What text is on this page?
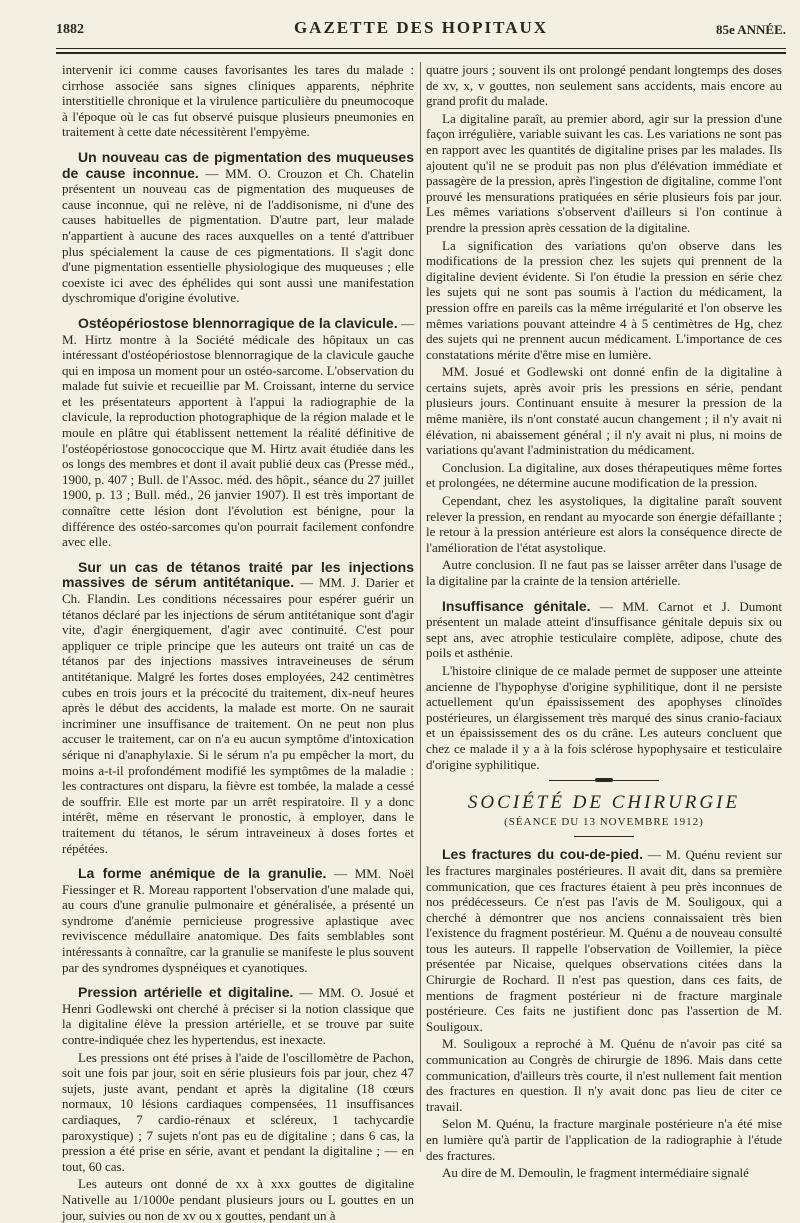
1882	GAZETTE DES HOPITAUX	85e ANNÉE.

intervenir ici comme causes favorisantes les tares du malade : cirrhose associée sans signes cliniques apparents, néphrite interstitielle chronique et la virulence particulière du pneumocoque à l'époque où le cas fut observé puisque plusieurs pneumonies en traitement à cette date nécessitèrent l'empyème.

Un nouveau cas de pigmentation des muqueuses de cause inconnue. — MM. O. Crouzon et Ch. Chatelin présentent un nouveau cas de pigmentation des muqueuses de cause inconnue, qui ne relève, ni de l'addisonisme, ni d'une des causes habituelles de pigmentation. D'autre part, leur malade n'appartient à aucune des races auxquelles on a tenté d'attribuer plus spécialement la cause de ces pigmentations. Il s'agit donc d'une pigmentation essentielle physiologique des muqueuses ; elle coexiste ici avec des éphélides qui sont aussi une manifestation dyschromique d'origine évolutive.

Ostéopériostose blennorragique de la clavicule. — M. Hirtz montre à la Société médicale des hôpitaux un cas intéressant d'ostéopériostose blennorragique de la clavicule gauche qui en imposa un moment pour un ostéo-sarcome. L'observation du malade fut suivie et recueillie par M. Croissant, interne du service et les présentateurs apportent à l'appui la radiographie de la clavicule, la reproduction photographique de la région malade et le moule en plâtre qui établissent nettement la réalité définitive de l'ostéopériostose gonococcique que M. Hirtz avait étudiée dans les os longs des membres et dont il avait publié deux cas (Presse méd., 1900, p. 407 ; Bull. de l'Assoc. méd. des hôpit., séance du 27 juillet 1900, p. 13 ; Bull. méd., 26 janvier 1907). Il est très important de connaître cette lésion dont l'évolution est bénigne, pour la différence des ostéo-sarcomes qu'on pourrait facilement confondre avec elle.

Sur un cas de tétanos traité par les injections massives de sérum antitétanique. — MM. J. Darier et Ch. Flandin. Les conditions nécessaires pour espérer guérir un tétanos déclaré par les injections de sérum antitétanique sont d'agir vite, d'agir énergiquement, d'agir avec continuité. C'est pour appliquer ce triple principe que les auteurs ont traité un cas de tétanos par des injections massives intraveineuses de sérum antitétanique. Malgré les fortes doses employées, 242 centimètres cubes en trois jours et la précocité du traitement, dix-neuf heures après le début des accidents, la malade est morte. On ne saurait incriminer une insuffisance de traitement. On ne peut non plus accuser le traitement, car on n'a eu aucun symptôme d'intoxication sérique ni d'anaphylaxie. Si le sérum n'a pu empêcher la mort, du moins a-t-il profondément modifié les symptômes de la maladie : les contractures ont disparu, la fièvre est tombée, la malade a cessé de souffrir. Elle est morte par un arrêt respiratoire. Il y a donc intérêt, même en réservant le pronostic, à employer, dans le traitement du tétanos, le sérum intraveineux à doses fortes et répétées.

La forme anémique de la granulie. — MM. Noël Fiessinger et R. Moreau rapportent l'observation d'une malade qui, au cours d'une granulie pulmonaire et généralisée, a présenté un syndrome d'anémie pernicieuse progressive aplastique avec reviviscence médullaire anatomique. Des faits semblables sont intéressants à connaître, car la granulie se manifeste le plus souvent par des syndromes dyspnéiques et cyanotiques.

Pression artérielle et digitaline. — MM. O. Josué et Henri Godlewski ont cherché à préciser si la notion classique que la digitaline élève la pression artérielle, et se trouve par suite contre-indiquée chez les hypertendus, est inexacte.

Les pressions ont été prises à l'aide de l'oscillomètre de Pachon, soit une fois par jour, soit en série plusieurs fois par jour, chez 47 sujets, juste avant, pendant et après la digitaline (18 cœurs normaux, 10 lésions cardiaques compensées, 11 insuffisances cardiaques, 7 cardio-rénaux et scléreux, 1 tachycardie paroxystique) ; 7 sujets n'ont pas eu de digitaline ; dans 6 cas, la pression a été prise en série, avant et pendant la digitaline ; — en tout, 60 cas.

Les auteurs ont donné de xx à xxx gouttes de digitaline Nativelle au 1/1000e pendant plusieurs jours ou L gouttes en un jour, suivies ou non de xv ou x gouttes, pendant un à

quatre jours ; souvent ils ont prolongé pendant longtemps des doses de xv, x, v gouttes, non seulement sans accidents, mais encore au grand profit du malade.

La digitaline paraît, au premier abord, agir sur la pression d'une façon irrégulière, variable suivant les cas. Les variations ne sont pas en rapport avec les quantités de digitaline prises par les malades. Ils ajoutent qu'il ne se produit pas non plus d'élévation immédiate et passagère de la pression, après l'ingestion de digitaline, comme l'ont prouvé les mensurations pratiquées en série plusieurs fois par jour. Les mêmes variations s'observent d'ailleurs si l'on continue à prendre la pression après cessation de la digitaline.

La signification des variations qu'on observe dans les modifications de la pression chez les sujets qui prennent de la digitaline devient évidente. Si l'on étudie la pression en série chez les sujets qui ne sont pas soumis à l'action du médicament, la pression offre en pareils cas la même irrégularité et l'on observe les mêmes variations pouvant atteindre 4 à 5 centimètres de Hg, chez des sujets qui ne prennent aucun médicament. L'importance de ces constatations mérite d'être mise en lumière.

MM. Josué et Godlewski ont donné enfin de la digitaline à certains sujets, après avoir pris les pressions en série, pendant plusieurs jours. Continuant ensuite à mesurer la pression de la même manière, ils n'ont constaté aucun changement ; il n'y avait ni élévation, ni abaissement général ; il n'y avait ni plus, ni moins de variations qu'avant l'administration du médicament.

Conclusion. La digitaline, aux doses thérapeutiques même fortes et prolongées, ne détermine aucune modification de la pression.

Cependant, chez les asystoliques, la digitaline paraît souvent relever la pression, en rendant au myocarde son énergie défaillante ; le retour à la pression antérieure est alors la conséquence directe de l'amélioration de l'état asystolique.

Autre conclusion. Il ne faut pas se laisser arrêter dans l'usage de la digitaline par la crainte de la tension artérielle.

Insuffisance génitale. — MM. Carnot et J. Dumont présentent un malade atteint d'insuffisance génitale depuis six ou sept ans, avec atrophie testiculaire complète, adipose, chute des poils et asthénie.

L'histoire clinique de ce malade permet de supposer une atteinte ancienne de l'hypophyse d'origine syphilitique, dont il ne persiste actuellement qu'un épaississement des apophyses clinoïdes postérieures, un élargissement très marqué des sinus cranio-faciaux et un épaississement des os du crâne. Les auteurs concluent que chez ce malade il y a à la fois sclérose hypophysaire et testiculaire d'origine syphilitique.

SOCIÉTÉ DE CHIRURGIE

(SÉANCE DU 13 NOVEMBRE 1912)

Les fractures du cou-de-pied. — M. Quénu revient sur les fractures marginales postérieures. Il avait dit, dans sa première communication, que ces fractures étaient à peu près inconnues de nos prédécesseurs. Ce n'est pas l'avis de M. Souligoux, qui a cherché à démontrer que nos anciens connaissaient très bien l'existence du fragment postérieur. M. Quénu a de nouveau consulté tous les auteurs. Il rappelle l'observation de Voillemier, la pièce présentée par Nicaise, quelques observations citées dans la Chirurgie de Rochard. Il n'est pas question, dans ces faits, de mentions de fragment postérieur ni de fracture marginale postérieure. Ces faits ne justifient donc pas l'assertion de M. Souligoux.

M. Souligoux a reproché à M. Quénu de n'avoir pas cité sa communication au Congrès de chirurgie de 1896. Mais dans cette communication, d'ailleurs très courte, il n'est nullement fait mention des fractures en question. Il n'y avait donc pas lieu de citer ce travail.

Selon M. Quénu, la fracture marginale postérieure n'a été mise en lumière qu'à partir de l'application de la radiographie à l'étude des fractures.

Au dire de M. Demoulin, le fragment intermédiaire signalé
